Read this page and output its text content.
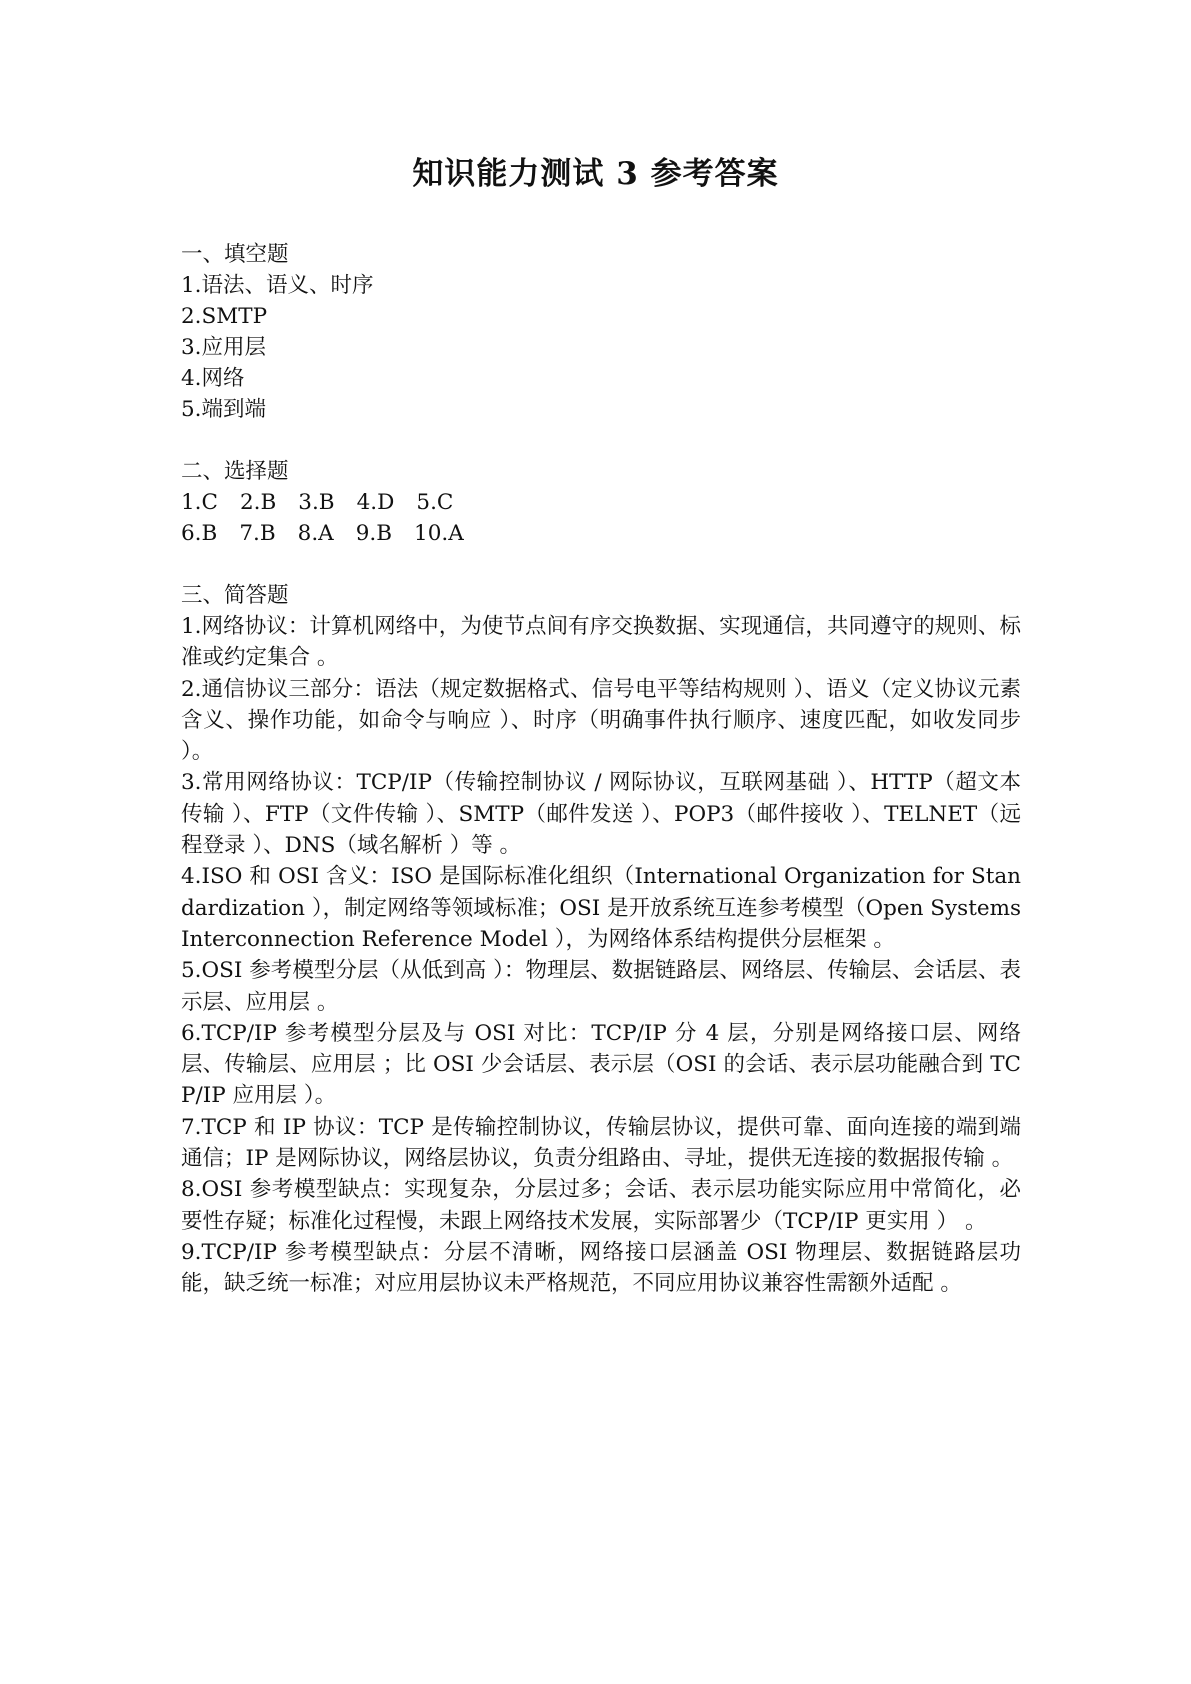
知识能力测试 3 参考答案
一、填空题
1.语法、语义、时序
2.SMTP
3.应用层
4.网络
5.端到端
二、选择题
1.C 2.B 3.B 4.D 5.C
6.B 7.B 8.A 9.B 10.A
三、简答题

1.网络协议：计算机网络中，为使节点间有序交换数据、实现通信，共同遵守的规则、标准或约定集合 。

2.通信协议三部分：语法（规定数据格式、信号电平等结构规则 ）、语义（定义协议元素含义、操作功能，如命令与响应 ）、时序（明确事件执行顺序、速度匹配，如收发同步 ）。

3.常用网络协议：TCP/IP（传输控制协议 / 网际协议，互联网基础 ）、HTTP（超文本传输 ）、FTP（文件传输 ）、SMTP（邮件发送 ）、POP3（邮件接收 ）、TELNET（远程登录 ）、DNS（域名解析 ）等 。

4.ISO 和 OSI 含义：ISO 是国际标准化组织（International Organization for Standardization ），制定网络等领域标准；OSI 是开放系统互连参考模型（Open Systems Interconnection Reference Model ），为网络体系结构提供分层框架 。

5.OSI 参考模型分层（从低到高 ）：物理层、数据链路层、网络层、传输层、会话层、表示层、应用层 。

6.TCP/IP 参考模型分层及与 OSI 对比：TCP/IP 分 4 层，分别是网络接口层、网络层、传输层、应用层 ；比 OSI 少会话层、表示层（OSI 的会话、表示层功能融合到 TCP/IP 应用层 ）。

7.TCP 和 IP 协议：TCP 是传输控制协议，传输层协议，提供可靠、面向连接的端到端通信；IP 是网际协议，网络层协议，负责分组路由、寻址，提供无连接的数据报传输 。

8.OSI 参考模型缺点：实现复杂，分层过多；会话、表示层功能实际应用中常简化，必要性存疑；标准化过程慢，未跟上网络技术发展，实际部署少（TCP/IP 更实用 ） 。

9.TCP/IP 参考模型缺点：分层不清晰，网络接口层涵盖 OSI 物理层、数据链路层功能，缺乏统一标准；对应用层协议未严格规范，不同应用协议兼容性需额外适配 。
